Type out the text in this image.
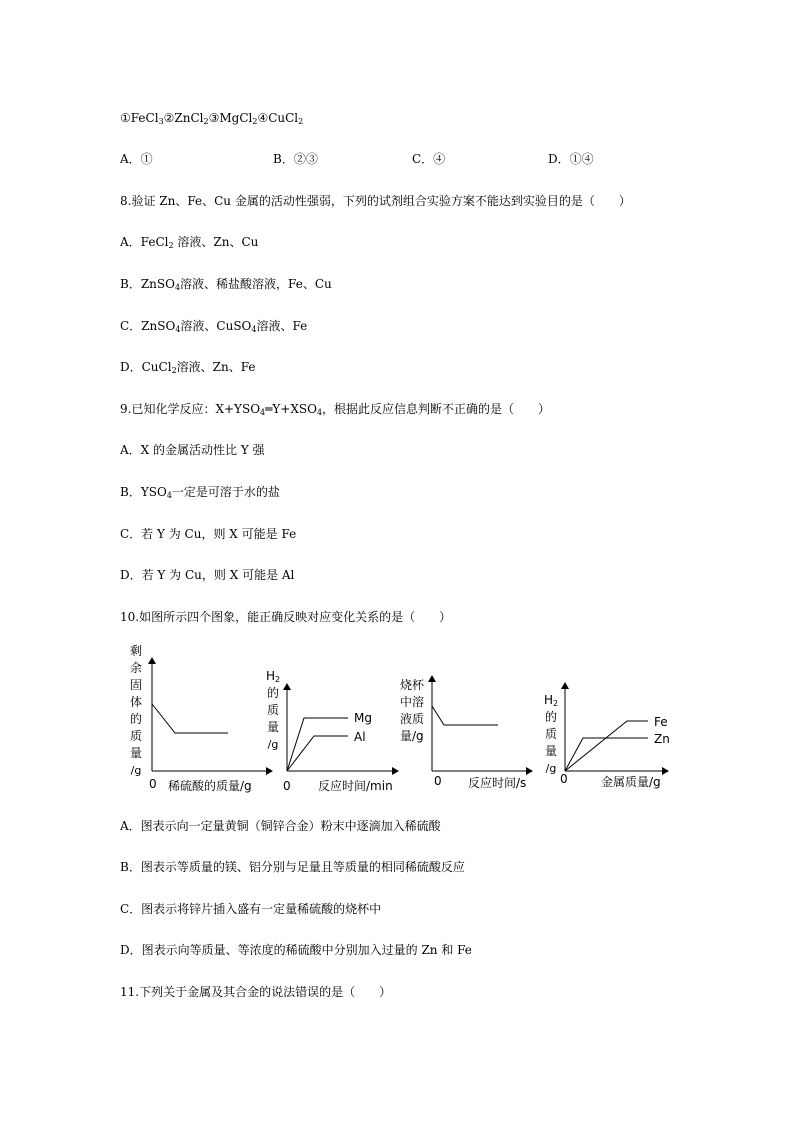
①FeCl$_3$②ZnCl$_2$③MgCl$_2$④CuCl$_2$
A．①	B．②③	C．④	D．①④
8.验证 Zn、Fe、Cu 金属的活动性强弱，下列的试剂组合实验方案不能达到实验目的是（　　）
A．FeCl$_2$ 溶液、Zn、Cu
B．ZnSO$_4$溶液、稀盐酸溶液，Fe、Cu
C．ZnSO$_4$溶液、CuSO$_4$溶液、Fe
D．CuCl$_2$溶液、Zn、Fe
9.已知化学反应：$X+YSO_4═Y+XSO_4$，根据此反应信息判断不正确的是（　　）
A．X 的金属活动性比 Y 强
B．$YSO_4$一定是可溶于水的盐
C．若 Y 为 Cu，则 X 可能是 Fe
D．若 Y 为 Cu，则 X 可能是 Al
10.如图所示四个图象，能正确反映对应变化关系的是（　　）
剩
余
固
体
的
质
量
/g
0 稀硫酸的质量/g
$H_2$
的
质
量
/g
Mg
Al
0 反应时间/min
烧杯
中溶
液质
量/g
0 反应时间/s
$H_2$
的
质
量
/g
Fe
Zn
0	金属质量/g
A．图表示向一定量黄铜（铜锌合金）粉末中逐滴加入稀硫酸
B．图表示等质量的镁、铝分别与足量且等质量的相同稀硫酸反应
C．图表示将锌片插入盛有一定量稀硫酸的烧杯中
D．图表示向等质量、等浓度的稀硫酸中分别加入过量的 Zn 和 Fe
11.下列关于金属及其合金的说法错误的是（　　）
